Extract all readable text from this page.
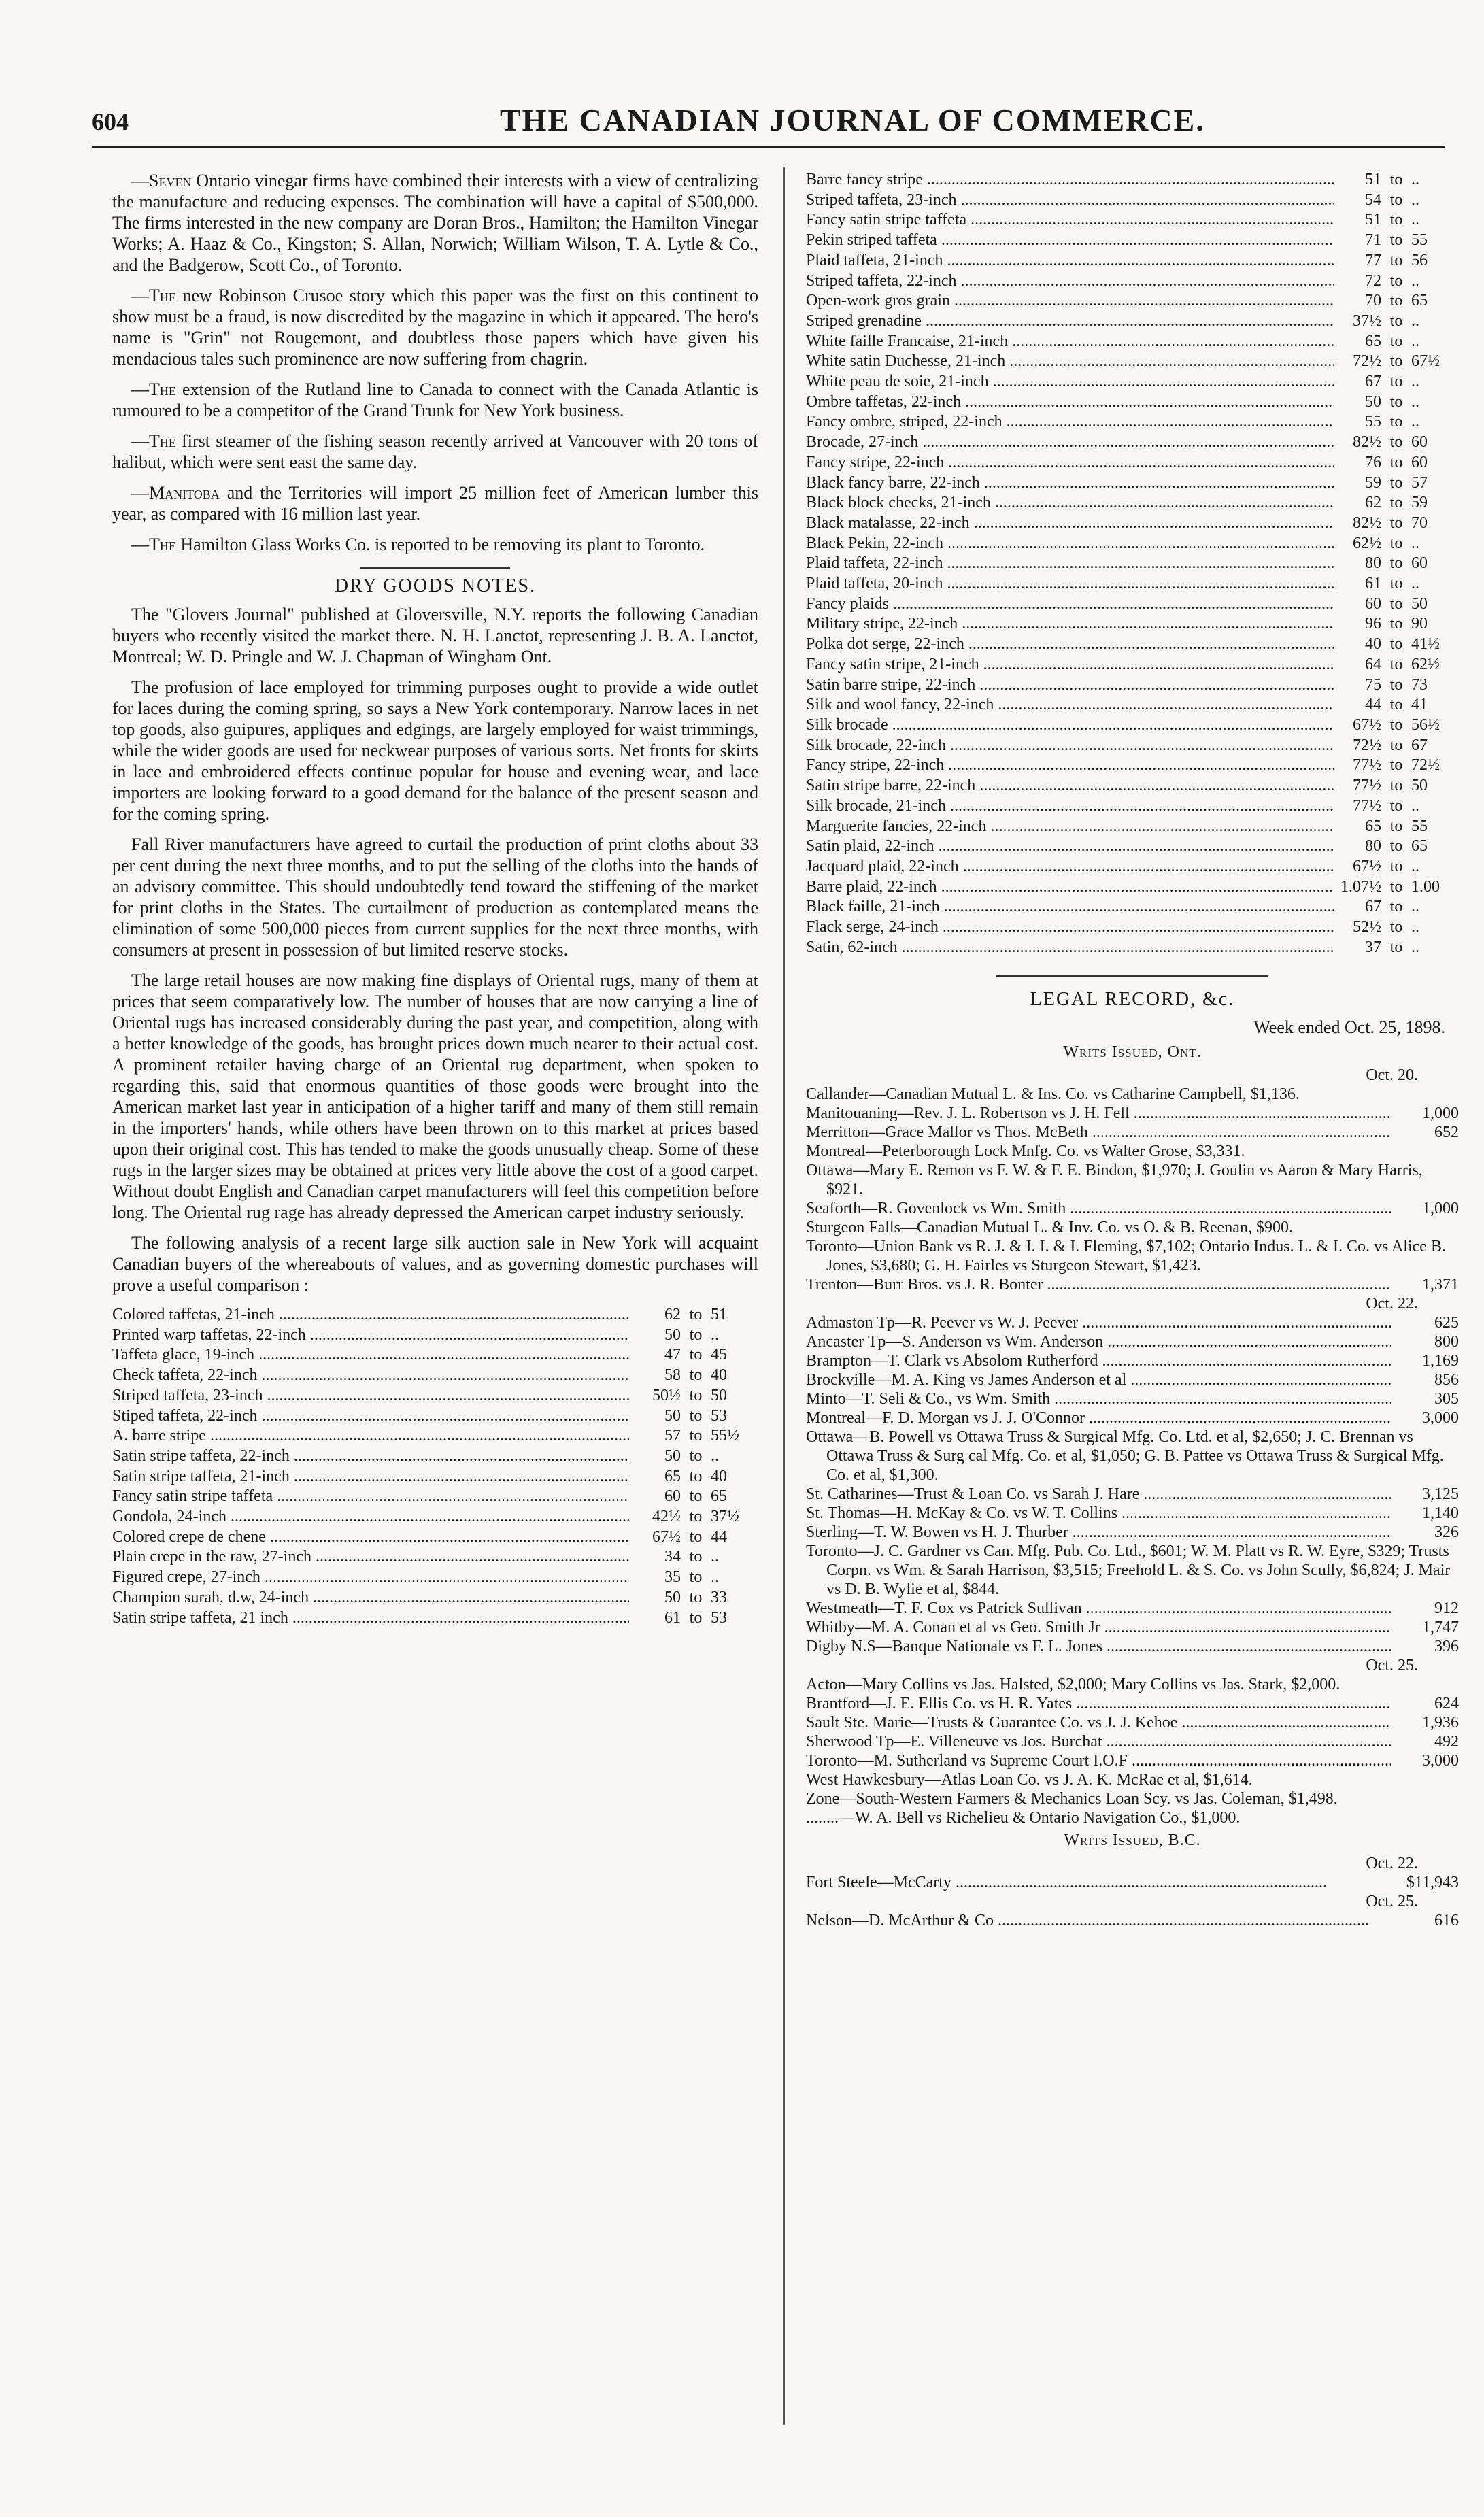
604	THE CANADIAN JOURNAL OF COMMERCE.

—Seven Ontario vinegar firms have combined their interests with a view of centralizing the manufacture and reducing expenses. The combination will have a capital of $500,000. The firms interested in the new company are Doran Bros., Hamilton; the Hamilton Vinegar Works; A. Haaz & Co., Kingston; S. Allan, Norwich; William Wilson, T. A. Lytle & Co., and the Badgerow, Scott Co., of Toronto.

—The new Robinson Crusoe story which this paper was the first on this continent to show must be a fraud, is now discredited by the magazine in which it appeared. The hero's name is "Grin" not Rougemont, and doubtless those papers which have given his mendacious tales such prominence are now suffering from chagrin.

—The extension of the Rutland line to Canada to connect with the Canada Atlantic is rumoured to be a competitor of the Grand Trunk for New York business.

—The first steamer of the fishing season recently arrived at Vancouver with 20 tons of halibut, which were sent east the same day.

—Manitoba and the Territories will import 25 million feet of American lumber this year, as compared with 16 million last year.

—The Hamilton Glass Works Co. is reported to be removing its plant to Toronto.

DRY GOODS NOTES.

The "Glovers Journal" published at Gloversville, N.Y. reports the following Canadian buyers who recently visited the market there. N. H. Lanctot, representing J. B. A. Lanctot, Montreal; W. D. Pringle and W. J. Chapman of Wingham Ont.

The profusion of lace employed for trimming purposes ought to provide a wide outlet for laces during the coming spring, so says a New York contemporary. Narrow laces in net top goods, also guipures, appliques and edgings, are largely employed for waist trimmings, while the wider goods are used for neckwear purposes of various sorts. Net fronts for skirts in lace and embroidered effects continue popular for house and evening wear, and lace importers are looking forward to a good demand for the balance of the present season and for the coming spring.

Fall River manufacturers have agreed to curtail the production of print cloths about 33 per cent during the next three months, and to put the selling of the cloths into the hands of an advisory committee. This should undoubtedly tend toward the stiffening of the market for print cloths in the States. The curtailment of production as contemplated means the elimination of some 500,000 pieces from current supplies for the next three months, with consumers at present in possession of but limited reserve stocks.

The large retail houses are now making fine displays of Oriental rugs, many of them at prices that seem comparatively low. The number of houses that are now carrying a line of Oriental rugs has increased considerably during the past year, and competition, along with a better knowledge of the goods, has brought prices down much nearer to their actual cost. A prominent retailer having charge of an Oriental rug department, when spoken to regarding this, said that enormous quantities of those goods were brought into the American market last year in anticipation of a higher tariff and many of them still remain in the importers' hands, while others have been thrown on to this market at prices based upon their original cost. This has tended to make the goods unusually cheap. Some of these rugs in the larger sizes may be obtained at prices very little above the cost of a good carpet. Without doubt English and Canadian carpet manufacturers will feel this competition before long. The Oriental rug rage has already depressed the American carpet industry seriously.

The following analysis of a recent large silk auction sale in New York will acquaint Canadian buyers of the whereabouts of values, and as governing domestic purchases will prove a useful comparison :

Colored taffetas, 21-inch .....	62 to 51
Printed warp taffetas, 22-inch .....	50 to ..
Taffeta glace, 19-inch .....	47 to 45
Check taffeta, 22-inch .....	58 to 40
Striped taffeta, 23-inch .....	50½ to 50
Stiped taffeta, 22-inch .....	50 to 53
A. barre stripe .....	57 to 55½
Satin stripe taffeta, 22-inch .....	50 to ..
Satin stripe taffeta, 21-inch .....	65 to 40
Fancy satin stripe taffeta .....	60 to 65
Gondola, 24-inch .....	42½ to 37½
Colored crepe de chene .....	67½ to 44
Plain crepe in the raw, 27-inch .....	34 to ..
Figured crepe, 27-inch .....	35 to ..
Champion surah, d.w, 24-inch .....	50 to 33
Satin stripe taffeta, 21 inch .....	61 to 53
Barre fancy stripe .....	51 to ..
Striped taffeta, 23-inch .....	54 to ..
Fancy satin stripe taffeta .....	51 to ..
Pekin striped taffeta .....	71 to 55
Plaid taffeta, 21-inch .....	77 to 56
Striped taffeta, 22-inch .....	72 to ..
Open-work gros grain .....	70 to 65
Striped grenadine .....	37½ to ..
White faille Francaise, 21-inch .....	65 to ..
White satin Duchesse, 21-inch .....	72½ to 67½
White peau de soie, 21-inch .....	67 to ..
Ombre taffetas, 22-inch .....	50 to ..
Fancy ombre, striped, 22-inch .....	55 to ..
Brocade, 27-inch .....	82½ to 60
Fancy stripe, 22-inch .....	76 to 60
Black fancy barre, 22-inch .....	59 to 57
Black block checks, 21-inch .....	62 to 59
Black matalasse, 22-inch .....	82½ to 70
Black Pekin, 22-inch .....	62½ to ..
Plaid taffeta, 22-inch .....	80 to 60
Plaid taffeta, 20-inch .....	61 to ..
Fancy plaids .....	60 to 50
Military stripe, 22-inch .....	96 to 90
Polka dot serge, 22-inch .....	40 to 41½
Fancy satin stripe, 21-inch .....	64 to 62½
Satin barre stripe, 22-inch .....	75 to 73
Silk and wool fancy, 22-inch .....	44 to 41
Silk brocade .....	67½ to 56½
Silk brocade, 22-inch .....	72½ to 67
Fancy stripe, 22-inch .....	77½ to 72½
Satin stripe barre, 22-inch .....	77½ to 50
Silk brocade, 21-inch .....	77½ to ..
Marguerite fancies, 22-inch .....	65 to 55
Satin plaid, 22-inch .....	80 to 65
Jacquard plaid, 22-inch .....	67½ to ..
Barre plaid, 22-inch .....	1.07½ to 1.00
Black faille, 21-inch .....	67 to ..
Flack serge, 24-inch .....	52½ to ..
Satin, 62-inch .....	37 to ..
LEGAL RECORD, &c.
Week ended Oct. 25, 1898.
Writs Issued, Ont.
Oct. 20.
Callander—Canadian Mutual L. & Ins. Co. vs Catharine Campbell, $1,136.
Manitouaning—Rev. J. L. Robertson vs J. H. Fell .....	1,000
Merritton—Grace Mallor vs Thos. McBeth .....	652
Montreal—Peterborough Lock Mnfg. Co. vs Walter Grose, $3,331.
Ottawa—Mary E. Remon vs F. W. & F. E. Bindon, $1,970; J. Goulin vs Aaron & Mary Harris, $921.
Seaforth—R. Govenlock vs Wm. Smith .....	1,000
Sturgeon Falls—Canadian Mutual L. & Inv. Co. vs O. & B. Reenan, $900.
Toronto—Union Bank vs R. J. & I. I. & I. Fleming, $7,102; Ontario Indus. L. & I. Co. vs Alice B. Jones, $3,680; G. H. Fairles vs Sturgeon Stewart, $1,423.
Trenton—Burr Bros. vs J. R. Bonter .....	1,371
Oct. 22.
Admaston Tp—R. Peever vs W. J. Peever .....	625
Ancaster Tp—S. Anderson vs Wm. Anderson .....	800
Brampton—T. Clark vs Absolom Rutherford .....	1,169
Brockville—M. A. King vs James Anderson et al .....	856
Minto—T. Seli & Co., vs Wm. Smith .....	305
Montreal—F. D. Morgan vs J. J. O'Connor .....	3,000
Ottawa—B. Powell vs Ottawa Truss & Surgical Mfg. Co. Ltd. et al, $2,650; J. C. Brennan vs Ottawa Truss & Surg cal Mfg. Co. et al, $1,050; G. B. Pattee vs Ottawa Truss & Surgical Mfg. Co. et al, $1,300.
St. Catharines—Trust & Loan Co. vs Sarah J. Hare .....	3,125
St. Thomas—H. McKay & Co. vs W. T. Collins .....	1,140
Sterling—T. W. Bowen vs H. J. Thurber .....	326
Toronto—J. C. Gardner vs Can. Mfg. Pub. Co. Ltd., $601; W. M. Platt vs R. W. Eyre, $329; Trusts Corpn. vs Wm. & Sarah Harrison, $3,515; Freehold L. & S. Co. vs John Scully, $6,824; J. Mair vs D. B. Wylie et al, $844.
Westmeath—T. F. Cox vs Patrick Sullivan .....	912
Whitby—M. A. Conan et al vs Geo. Smith Jr .....	1,747
Digby N.S—Banque Nationale vs F. L. Jones .....	396
Oct. 25.
Acton—Mary Collins vs Jas. Halsted, $2,000; Mary Collins vs Jas. Stark, $2,000.
Brantford—J. E. Ellis Co. vs H. R. Yates .....	624
Sault Ste. Marie—Trusts & Guarantee Co. vs J. J. Kehoe .....	1,936
Sherwood Tp—E. Villeneuve vs Jos. Burchat .....	492
Toronto—M. Sutherland vs Supreme Court I.O.F .....	3,000
West Hawkesbury—Atlas Loan Co. vs J. A. K. McRae et al, $1,614.
Zone—South-Western Farmers & Mechanics Loan Scy. vs Jas. Coleman, $1,498.
........—W. A. Bell vs Richelieu & Ontario Navigation Co., $1,000.
Writs Issued, B.C.
Oct. 22.
Fort Steele—McCarty .....	$11,943
Oct. 25.
Nelson—D. McArthur & Co .....	616
